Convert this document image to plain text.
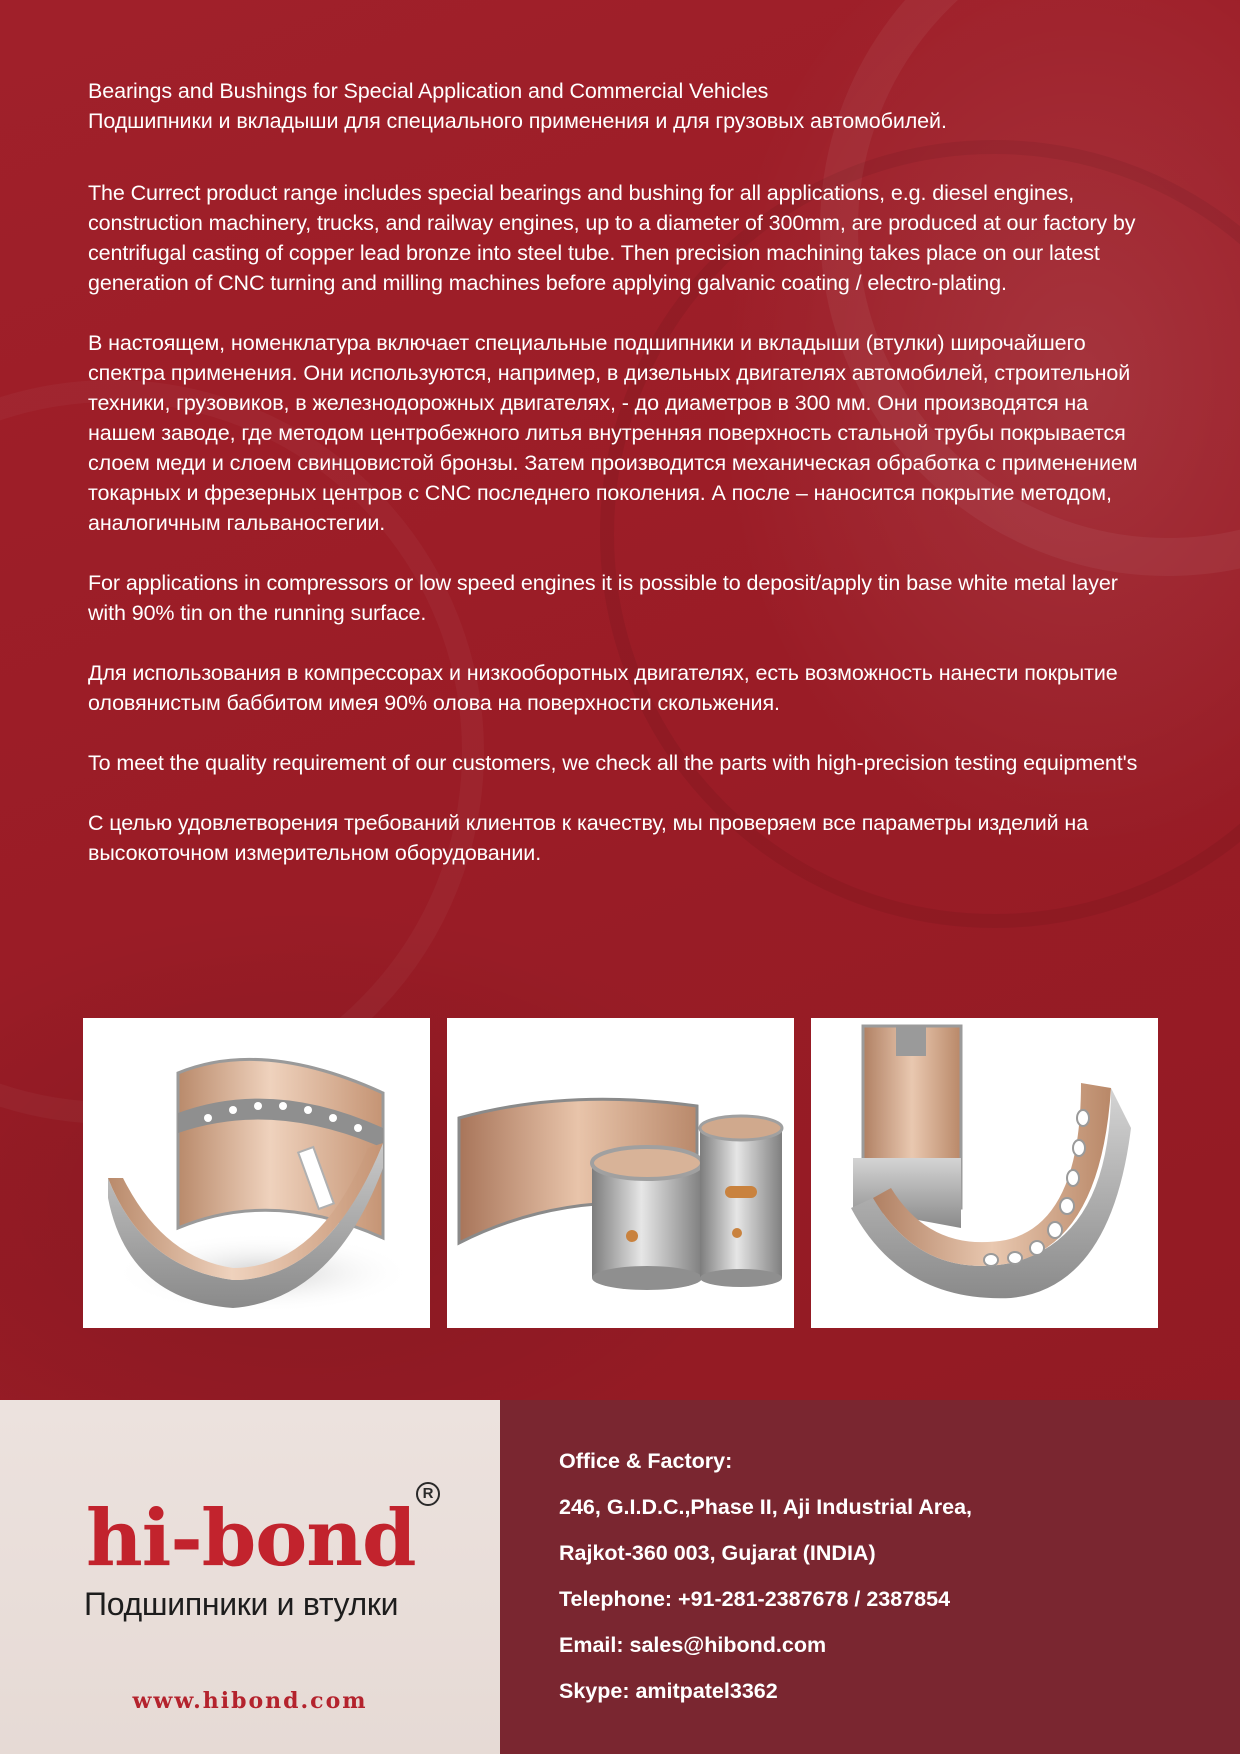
Bearings and Bushings for Special Application and Commercial Vehicles

Подшипники и вкладыши для специального применения и для грузовых автомобилей.

The Currect product range includes special bearings and bushing for all applications, e.g. diesel engines, construction machinery, trucks, and railway engines, up to a diameter of 300mm, are produced at our factory by centrifugal casting of copper lead bronze into steel tube. Then precision machining takes place on our latest generation of CNC turning and milling machines before applying galvanic coating / electro-plating.

В настоящем, номенклатура включает специальные подшипники и вкладыши (втулки) широчайшего спектра применения. Они используются, например, в дизельных двигателях автомобилей, строительной техники, грузовиков, в железнодорожных двигателях, - до диаметров в 300 мм. Они производятся на нашем заводе, где методом центробежного литья внутренняя поверхность стальной трубы покрывается слоем меди и слоем свинцовистой бронзы. Затем производится механическая обработка с применением токарных и фрезерных центров с CNC последнего поколения. А после – наносится покрытие методом, аналогичным гальваностегии.

For applications in compressors or low speed engines it is possible to deposit/apply tin base white metal layer with 90% tin on the running surface.

Для использования в компрессорах и низкооборотных двигателях, есть возможность нанести покрытие оловянистым баббитом имея 90% олова на поверхности скольжения.

To meet the quality requirement of our customers, we check all the parts with high-precision testing equipment's

С целью удовлетворения требований клиентов к качеству, мы проверяем все параметры изделий на высокоточном измерительном оборудовании.

hi-bond R
Подшипники и втулки
www.hibond.com
Office & Factory:
246, G.I.D.C.,Phase II, Aji Industrial Area,
Rajkot-360 003, Gujarat (INDIA)
Telephone: +91-281-2387678 / 2387854
Email: sales@hibond.com
Skype: amitpatel3362
